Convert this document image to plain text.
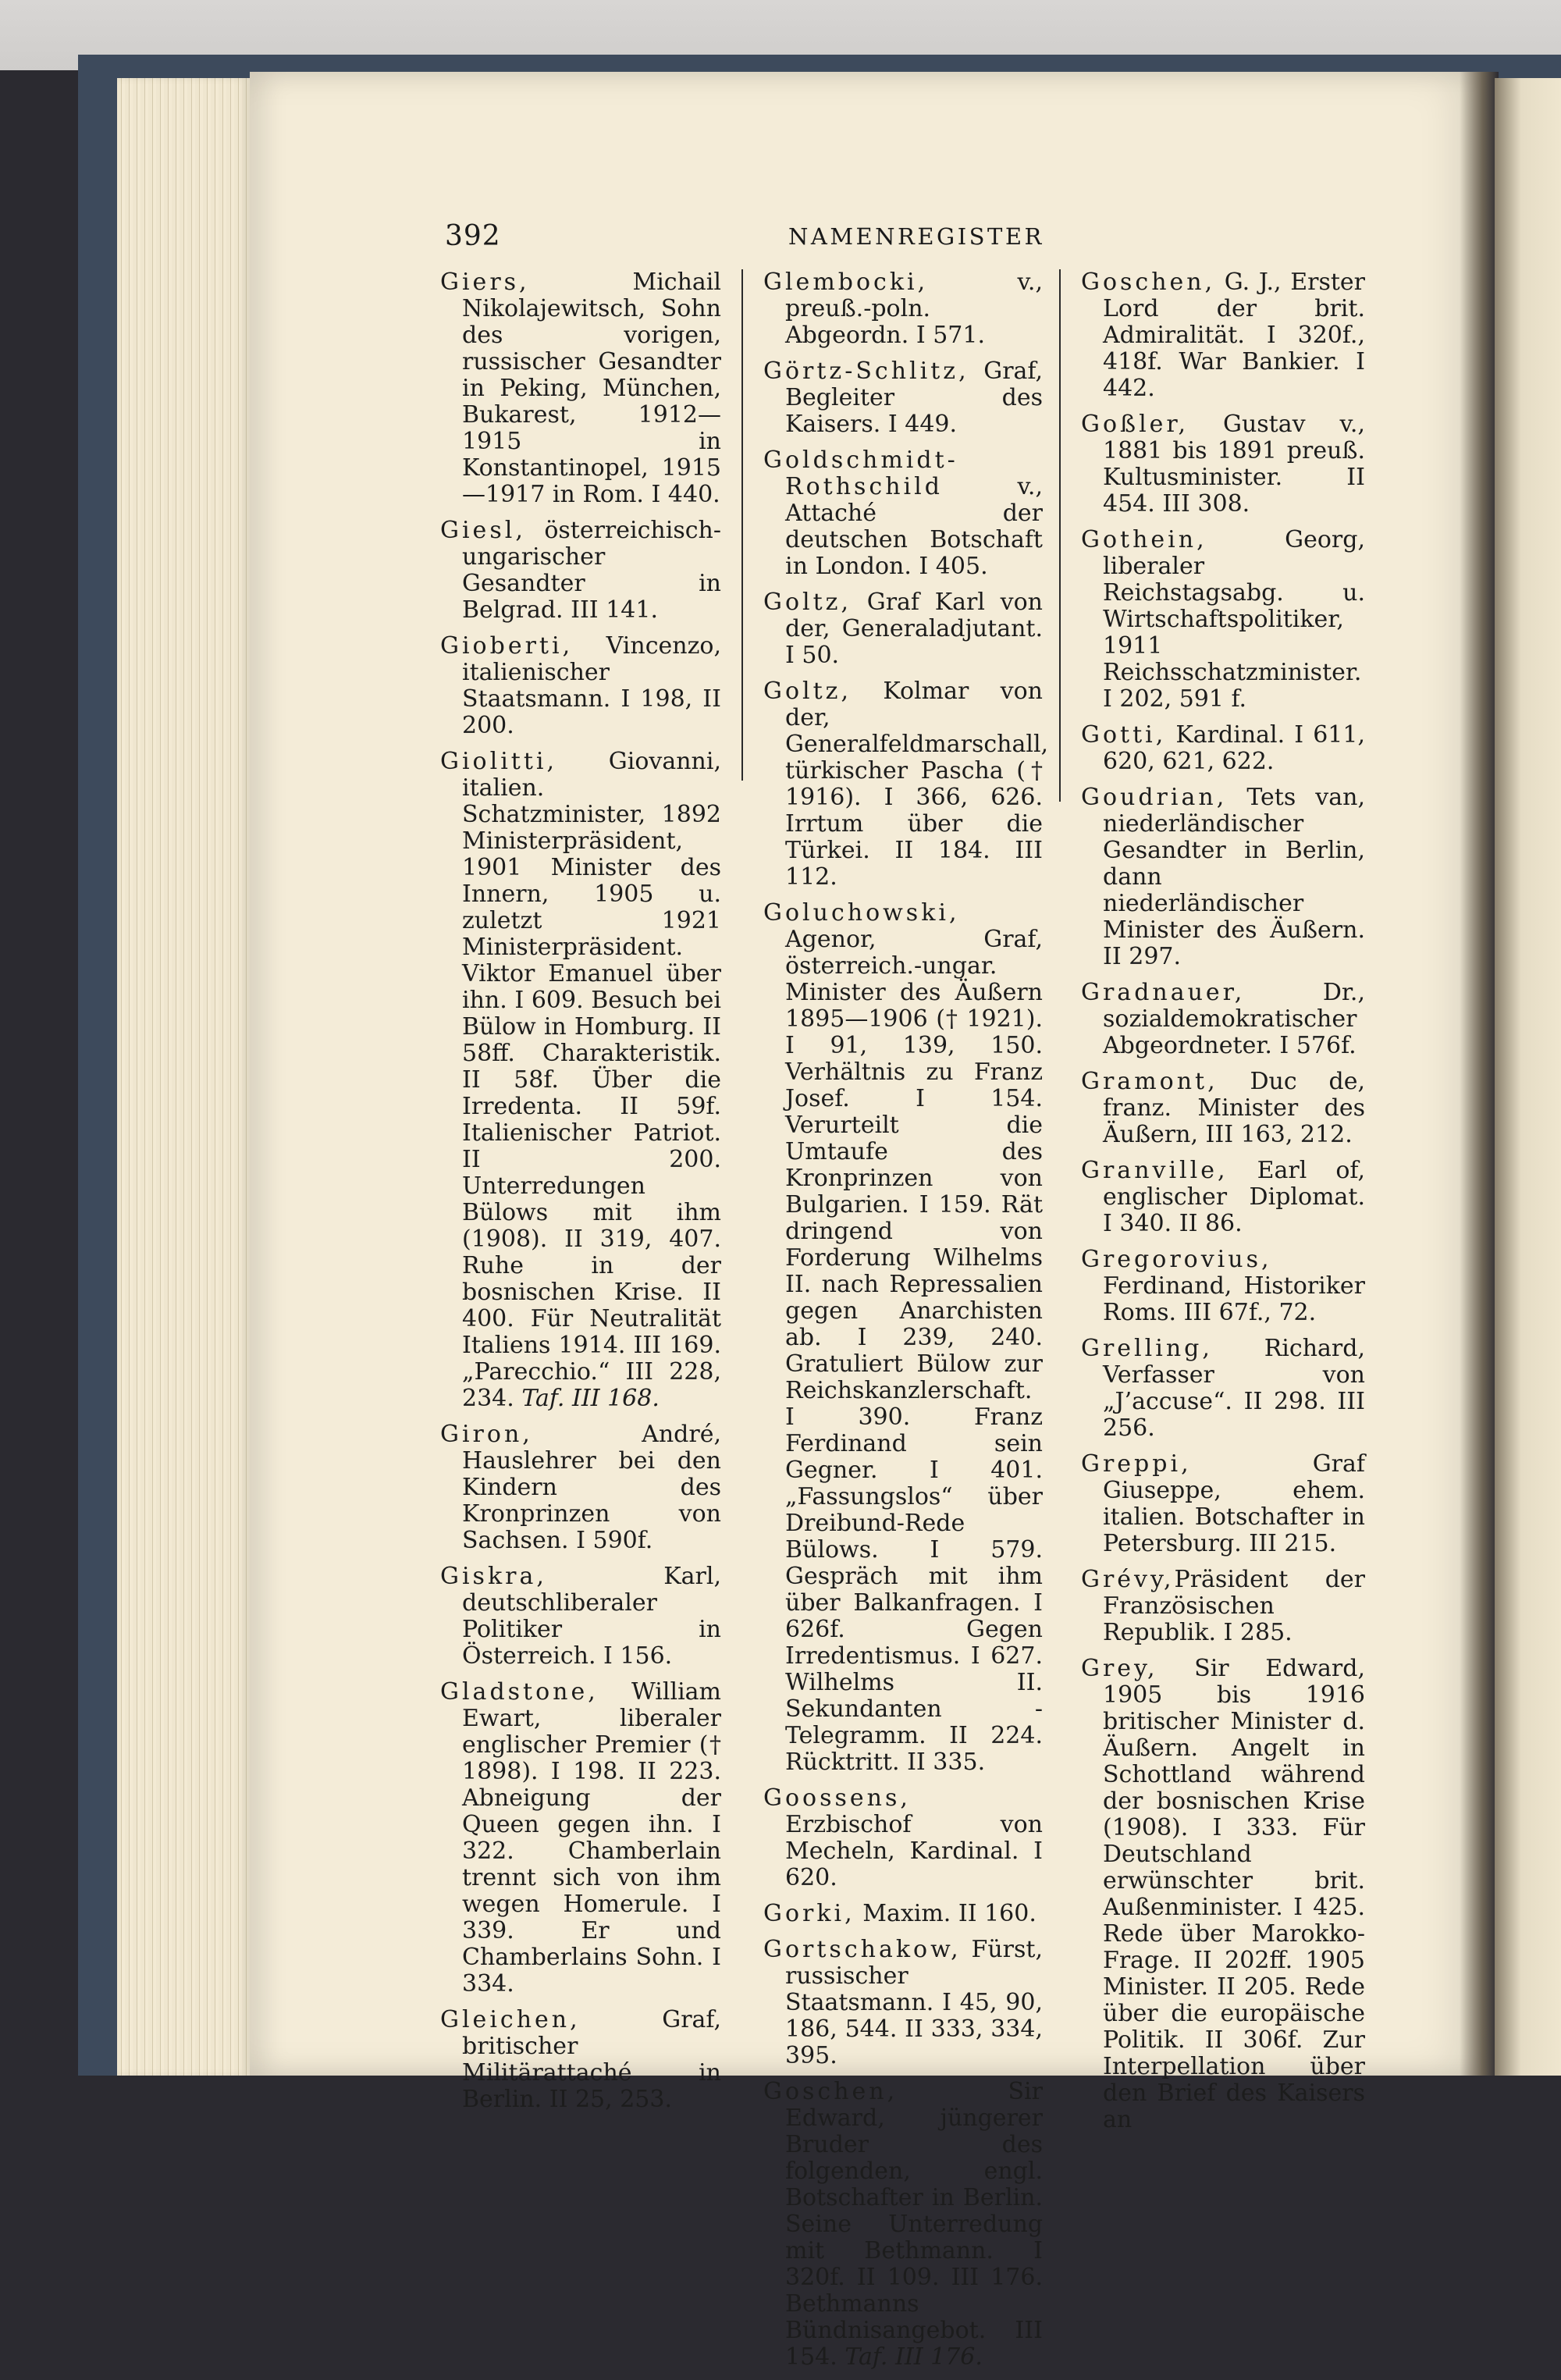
392	NAMENREGISTER
Giers, Michail Nikolajewitsch, Sohn des vorigen, russischer Gesandter in Peking, München, Bukarest, 1912—1915 in Konstantinopel, 1915—1917 in Rom. I 440.
Giesl, österreichisch-ungarischer Gesandter in Belgrad. III 141.
Gioberti, Vincenzo, italienischer Staatsmann. I 198, II 200.
Giolitti, Giovanni, italien. Schatzminister, 1892 Ministerpräsident, 1901 Minister des Innern, 1905 u. zuletzt 1921 Ministerpräsident. Viktor Emanuel über ihn. I 609. Besuch bei Bülow in Homburg. II 58ff. Charakteristik. II 58f. Über die Irredenta. II 59f. Italienischer Patriot. II 200. Unterredungen Bülows mit ihm (1908). II 319, 407. Ruhe in der bosnischen Krise. II 400. Für Neutralität Italiens 1914. III 169. „Parecchio.“ III 228, 234. Taf. III 168.
Giron, André, Hauslehrer bei den Kindern des Kronprinzen von Sachsen. I 590f.
Giskra, Karl, deutschliberaler Politiker in Österreich. I 156.
Gladstone, William Ewart, liberaler englischer Premier († 1898). I 198. II 223. Abneigung der Queen gegen ihn. I 322. Chamberlain trennt sich von ihm wegen Homerule. I 339. Er und Chamberlains Sohn. I 334.
Gleichen, Graf, britischer Militärattaché in Berlin. II 25, 253.
Glembocki, v., preuß.-poln. Abgeordn. I 571.
Görtz-Schlitz, Graf, Begleiter des Kaisers. I 449.
Goldschmidt-Rothschild v., Attaché der deutschen Botschaft in London. I 405.
Goltz, Graf Karl von der, Generaladjutant. I 50.
Goltz, Kolmar von der, Generalfeldmarschall, türkischer Pascha († 1916). I 366, 626. Irrtum über die Türkei. II 184. III 112.
Goluchowski, Agenor, Graf, österreich.-ungar. Minister des Äußern 1895—1906 († 1921). I 91, 139, 150. Verhältnis zu Franz Josef. I 154. Verurteilt die Umtaufe des Kronprinzen von Bulgarien. I 159. Rät dringend von Forderung Wilhelms II. nach Repressalien gegen Anarchisten ab. I 239, 240. Gratuliert Bülow zur Reichskanzlerschaft. I 390. Franz Ferdinand sein Gegner. I 401. „Fassungslos“ über Dreibund-Rede Bülows. I 579. Gespräch mit ihm über Balkanfragen. I 626f. Gegen Irredentismus. I 627. Wilhelms II. Sekundanten - Telegramm. II 224. Rücktritt. II 335.
Goossens, Erzbischof von Mecheln, Kardinal. I 620.
Gorki, Maxim. II 160.
Gortschakow, Fürst, russischer Staatsmann. I 45, 90, 186, 544. II 333, 334, 395.
Goschen, Sir Edward, jüngerer Bruder des folgenden, engl. Botschafter in Berlin. Seine Unterredung mit Bethmann. I 320f. II 109. III 176. Bethmanns Bündnisangebot. III 154. Taf. III 176.
Goschen, G. J., Erster Lord der brit. Admiralität. I 320f., 418f. War Bankier. I 442.
Goßler, Gustav v., 1881 bis 1891 preuß. Kultusminister. II 454. III 308.
Gothein, Georg, liberaler Reichstagsabg. u. Wirtschaftspolitiker, 1911 Reichsschatzminister. I 202, 591 f.
Gotti, Kardinal. I 611, 620, 621, 622.
Goudrian, Tets van, niederländischer Gesandter in Berlin, dann niederländischer Minister des Äußern. II 297.
Gradnauer, Dr., sozialdemokratischer Abgeordneter. I 576f.
Gramont, Duc de, franz. Minister des Äußern, III 163, 212.
Granville, Earl of, englischer Diplomat. I 340. II 86.
Gregorovius, Ferdinand, Historiker Roms. III 67f., 72.
Grelling, Richard, Verfasser von „J’accuse“. II 298. III 256.
Greppi, Graf Giuseppe, ehem. italien. Botschafter in Petersburg. III 215.
Grévy,Präsident der Französischen Republik. I 285.
Grey, Sir Edward, 1905 bis 1916 britischer Minister d. Äußern. Angelt in Schottland während der bosnischen Krise (1908). I 333. Für Deutschland erwünschter brit. Außenminister. I 425. Rede über Marokko-Frage. II 202ff. 1905 Minister. II 205. Rede über die europäische Politik. II 306f. Zur Interpellation über den Brief des Kaisers an
